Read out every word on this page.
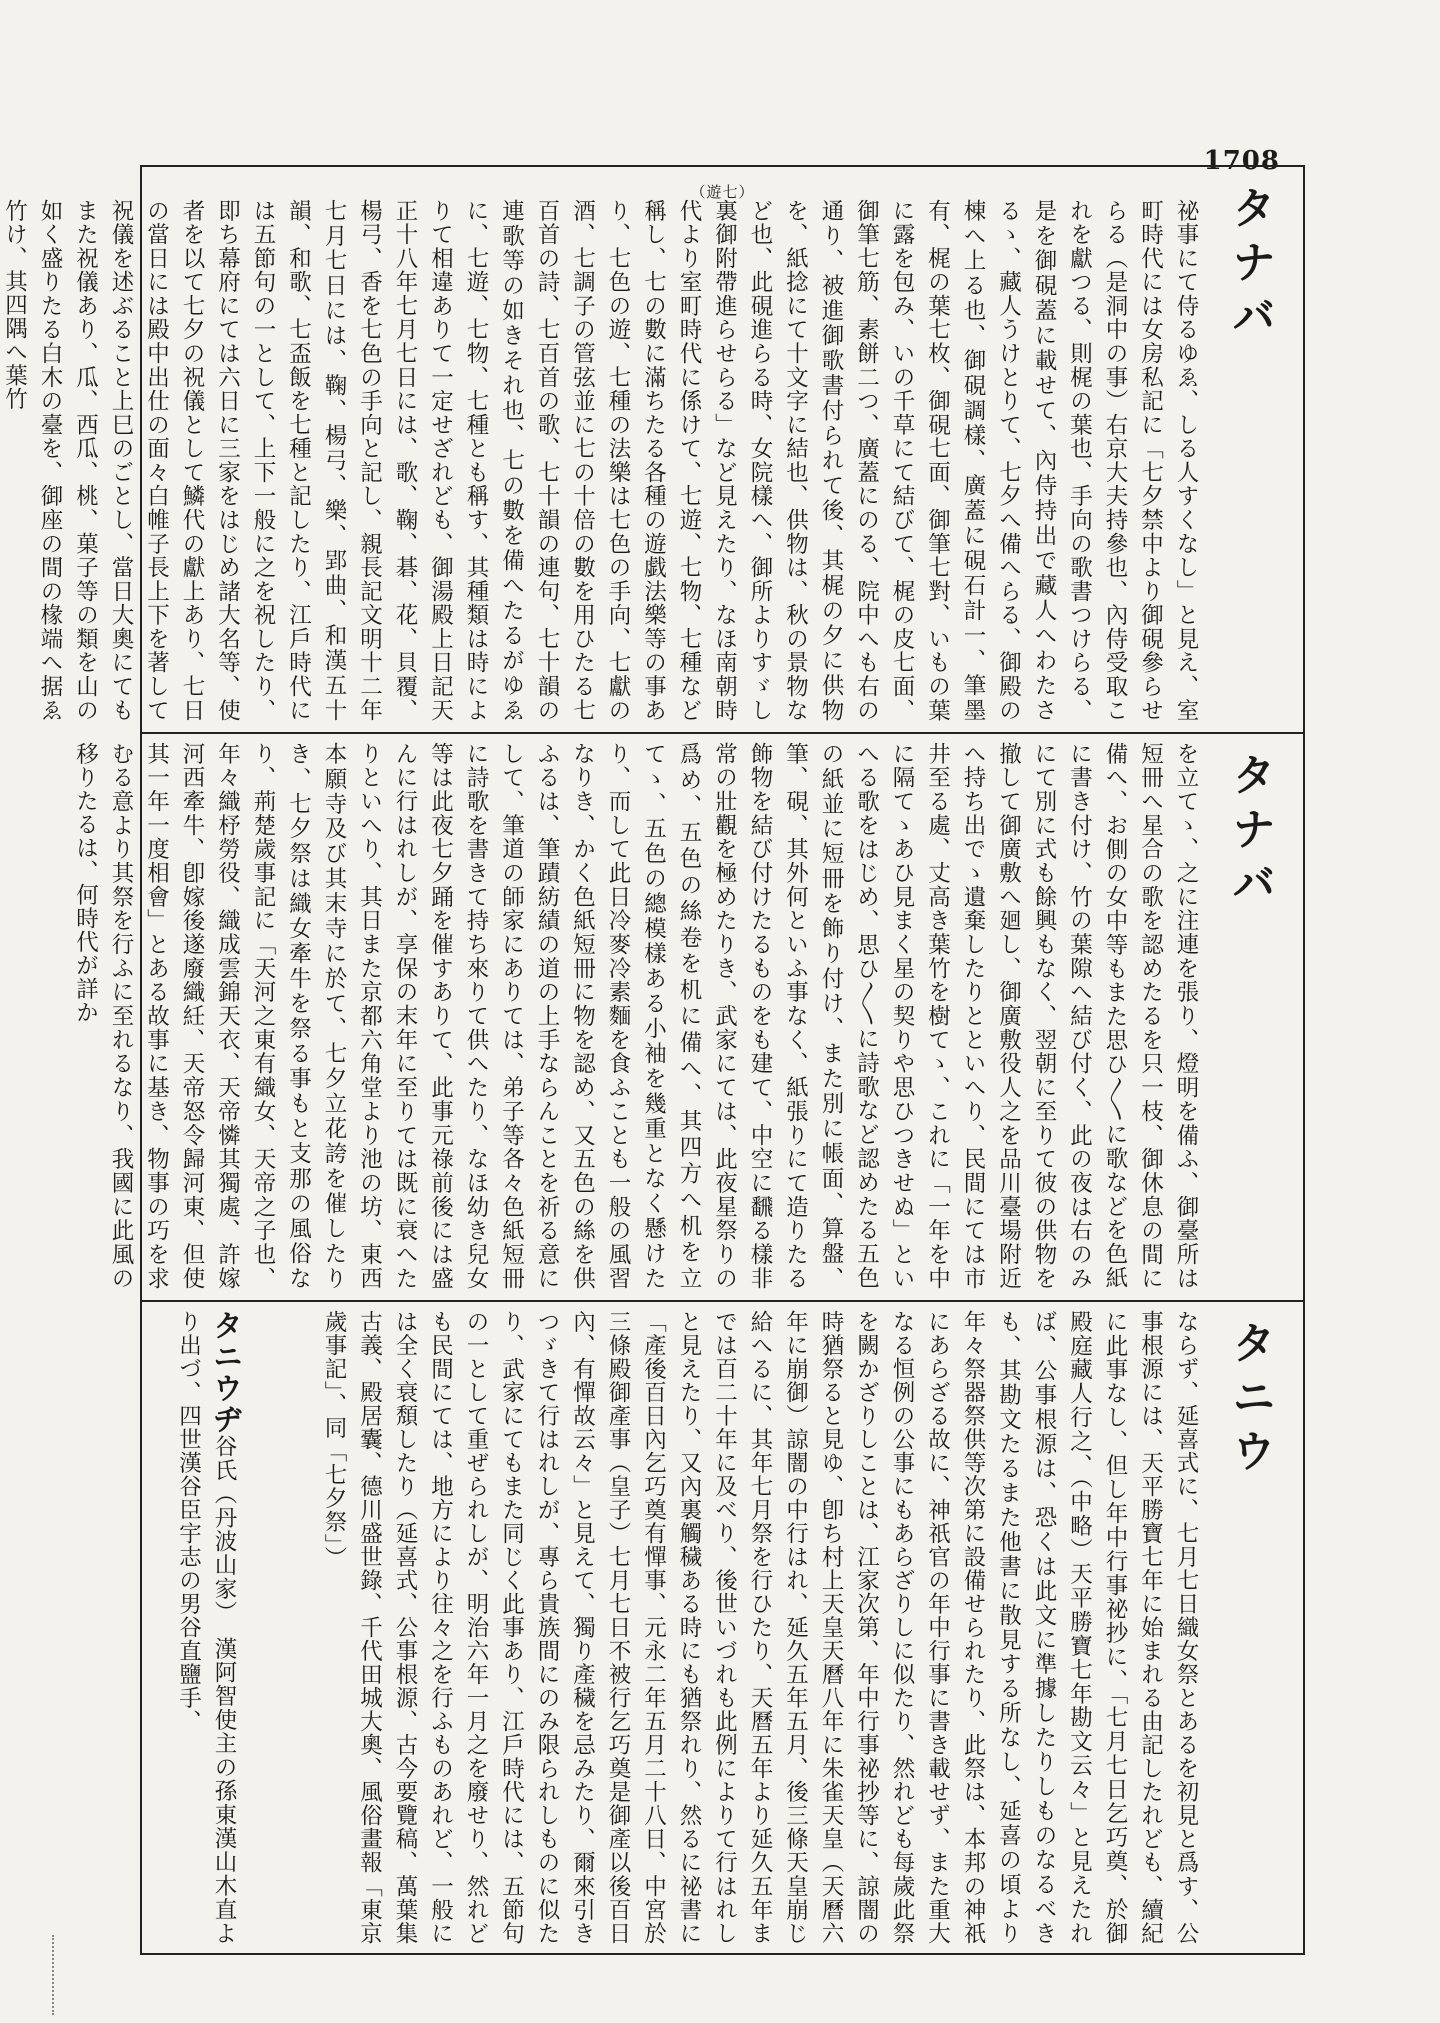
1708
（遊七）	タナバ
祕事にて侍るゆゑ、しる人すくなし」と見え、室町時代には女房私記に「七夕禁中より御硯參らせらる（是洞中の事）右京大夫持參也、內侍受取これを獻つる、則梶の葉也、手向の歌書つけらる、是を御硯蓋に載せて、內侍持出で藏人へわたさるゝ、藏人うけとりて、七夕へ備へらる、御殿の棟へ上る也、御硯調樣、廣蓋に硯石計一、筆墨有、梶の葉七枚、御硯七面、御筆七對、いもの葉に露を包み、いの千草にて結びて、梶の皮七面、御筆七筋、素餅二つ、廣蓋にのる、院中へも右の通り、被進御歌書付られて後、其梶の夕に供物を、紙捻にて十文字に結也、供物は、秋の景物など也、此硯進らる時、女院樣へ、御所よりすゞし裏御附帶進らせらる」など見えたり、なほ南朝時代より室町時代に係けて、七遊、七物、七種など稱し、七の數に滿ちたる各種の遊戯法樂等の事あり、七色の遊、七種の法樂は七色の手向、七獻の酒、七調子の管弦並に七の十倍の數を用ひたる七百首の詩、七百首の歌、七十韻の連句、七十韻の連歌等の如きそれ也、七の數を備へたるがゆゑに、七遊、七物、七種とも稱す、其種類は時によりて相違ありて一定せざれども、御湯殿上日記天正十八年七月七日には、歌、鞠、碁、花、貝覆、楊弓、香を七色の手向と記し、親長記文明十二年七月七日には、鞠、楊弓、樂、郢曲、和漢五十韻、和歌、七盃飯を七種と記したり、江戶時代には五節句の一として、上下一般に之を祝したり、即ち幕府にては六日に三家をはじめ諸大名等、使者を以て七夕の祝儀として鱗代の獻上あり、七日の當日には殿中出仕の面々白帷子長上下を著して祝儀を述ぶること上巳のごとし、當日大奧にてもまた祝儀あり、瓜、西瓜、桃、菓子等の類を山の如く盛りたる白木の臺を、御座の間の椽端へ据ゑ竹け、其四隅へ葉竹
タナバ
を立てゝ、之に注連を張り、燈明を備ふ、御臺所は短冊へ星合の歌を認めたるを只一枝、御休息の間に備へ、お側の女中等もまた思ひ〳〵に歌などを色紙に書き付け、竹の葉隙へ結び付く、此の夜は右のみにて別に式も餘興もなく、翌朝に至りて彼の供物を撤して御廣敷へ廻し、御廣敷役人之を品川臺場附近へ持ち出でゝ遺棄したりとといへり、民間にては市井至る處、丈高き葉竹を樹てゝ、これに「一年を中に隔てゝあひ見まく星の契りや思ひつきせぬ」といへる歌をはじめ、思ひ〳〵に詩歌など認めたる五色の紙並に短冊を飾り付け、また別に帳面、算盤、筆、硯、其外何といふ事なく、紙張りにて造りたる飾物を結び付けたるものをも建て、中空に飜る樣非常の壯觀を極めたりき、武家にては、此夜星祭りの爲め、五色の絲卷を机に備へ、其四方へ机を立てゝ、五色の總模樣ある小袖を幾重となく懸けたり、而して此日冷麥冷素麵を食ふことも一般の風習なりき、かく色紙短冊に物を認め、又五色の絲を供ふるは、筆蹟紡績の道の上手ならんことを祈る意にして、筆道の師家にありては、弟子等各々色紙短冊に詩歌を書きて持ち來りて供へたり、なほ幼き兒女等は此夜七夕踊を催すありて、此事元祿前後には盛んに行はれしが、享保の末年に至りては既に衰へたりといへり、其日また京都六角堂より池の坊、東西本願寺及び其末寺に於て、七夕立花誇を催したりき、七夕祭は織女牽牛を祭る事もと支那の風俗なり、荊楚歲事記に「天河之東有織女、天帝之子也、年々織杼勞役、織成雲錦天衣、天帝憐其獨處、許嫁河西牽牛、卽嫁後遂廢織紝、天帝怒令歸河東、但使其一年一度相會」とある故事に基き、物事の巧を求むる意より其祭を行ふに至れるなり、我國に此風の移りたるは、何時代が詳か
タニウ
ならず、延喜式に、七月七日織女祭とあるを初見と爲す、公事根源には、天平勝寶七年に始まれる由記したれども、續紀に此事なし、但し年中行事祕抄に、「七月七日乞巧奠、於御殿庭藏人行之、（中略）天平勝寶七年勘文云々」と見えたれば、公事根源は、恐くは此文に準據したりしものなるべきも、其勘文たるまた他書に散見する所なし、延喜の頃より年々祭器祭供等次第に設備せられたり、此祭は、本邦の神祇にあらざる故に、神祇官の年中行事に書き載せず、また重大なる恒例の公事にもあらざりしに似たり、然れども每歲此祭を闕かざりしことは、江家次第、年中行事祕抄等に、諒闇の時猶祭ると見ゆ、卽ち村上天皇天曆八年に朱雀天皇（天曆六年に崩御）諒闇の中行はれ、延久五年五月、後三條天皇崩じ給へるに、其年七月祭を行ひたり、天曆五年より延久五年までは百二十年に及べり、後世いづれも此例によりて行はれしと見えたり、又內裏觸穢ある時にも猶祭れり、然るに祕書に「產後百日內乞巧奠有憚事、元永二年五月二十八日、中宮於三條殿御產事（皇子）七月七日不被行乞巧奠是御產以後百日內、有憚故云々」と見えて、獨り產穢を忌みたり、爾來引きつゞきて行はれしが、專ら貴族間にのみ限られしものに似たり、武家にてもまた同じく此事あり、江戶時代には、五節句の一として重ぜられしが、明治六年一月之を廢せり、然れども民間にては、地方により往々之を行ふものあれど、一般には全く衰頽したり（延喜式、公事根源、古今要覽稿、萬葉集古義、殿居囊、德川盛世錄、千代田城大奧、風俗畫報「東京歲事記」、同「七夕祭」）
タニウヂ谷氏（丹波山家）　漢阿智使主の孫東漢山木直より出づ、四世漢谷臣宇志の男谷直鹽手、
